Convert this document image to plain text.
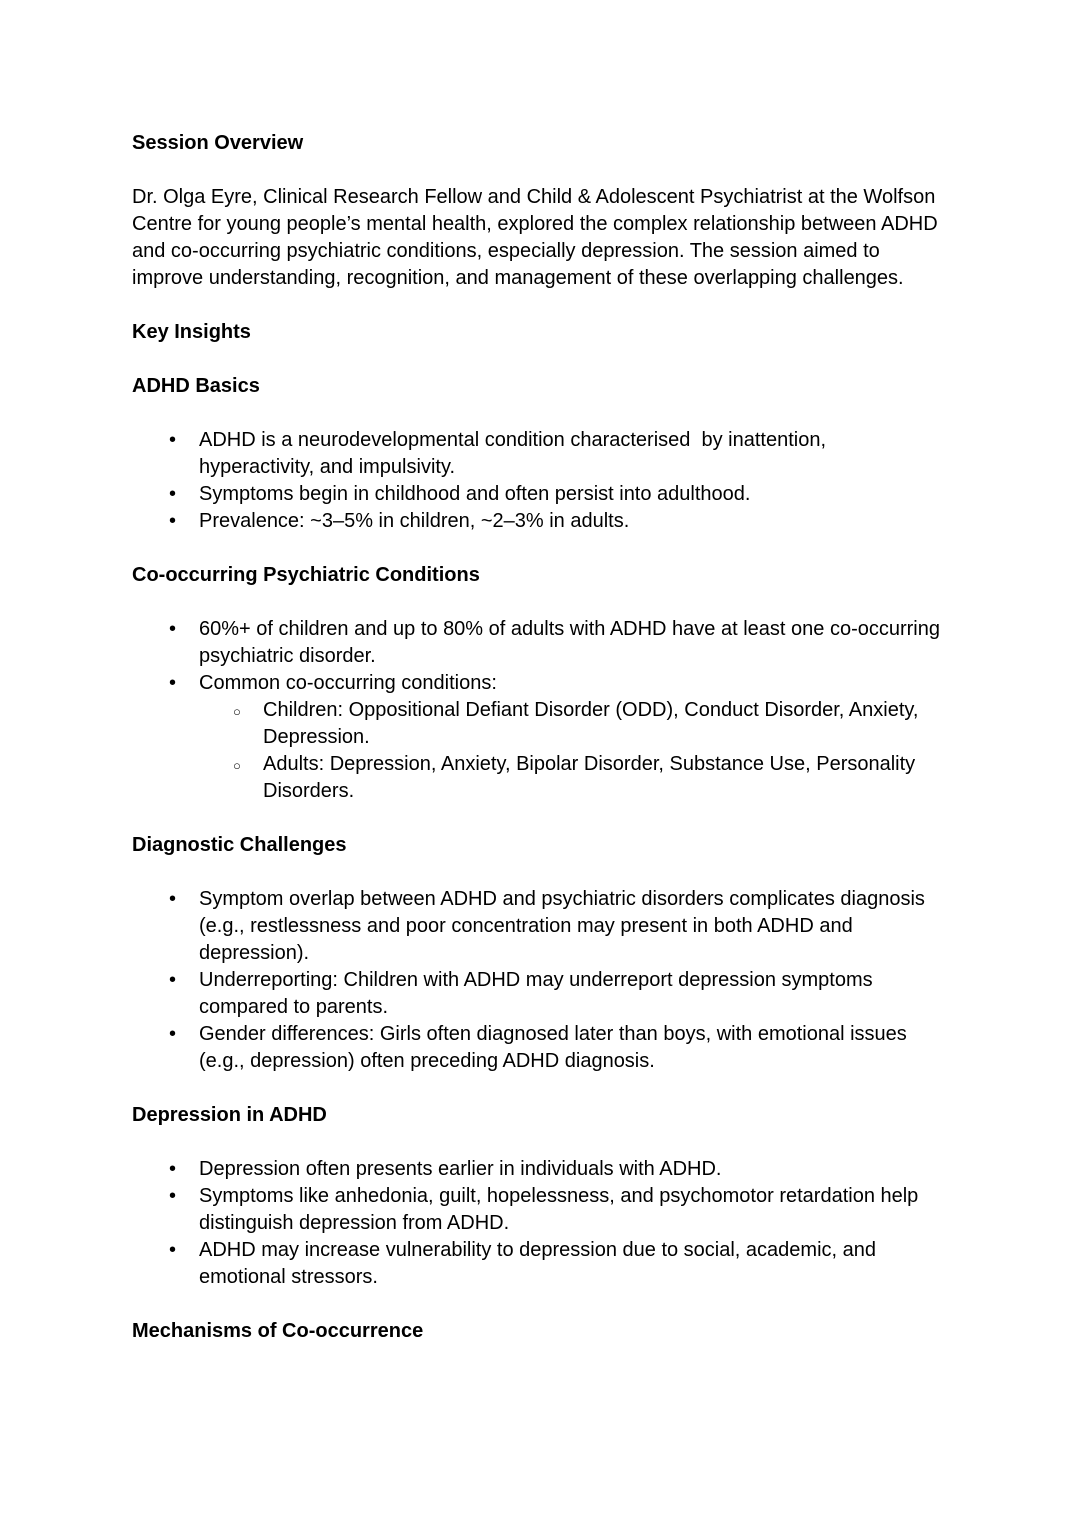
Session Overview

Dr. Olga Eyre, Clinical Research Fellow and Child & Adolescent Psychiatrist at the Wolfson Centre for young people’s mental health, explored the complex relationship between ADHD and co-occurring psychiatric conditions, especially depression. The session aimed to improve understanding, recognition, and management of these overlapping challenges.

Key Insights
ADHD Basics
•	ADHD is a neurodevelopmental condition characterised  by inattention, hyperactivity, and impulsivity.
•	Symptoms begin in childhood and often persist into adulthood.
•	Prevalence: ~3–5% in children, ~2–3% in adults.
Co-occurring Psychiatric Conditions
•	60%+ of children and up to 80% of adults with ADHD have at least one co-occurring psychiatric disorder.
•	Common co-occurring conditions:
○	Children: Oppositional Defiant Disorder (ODD), Conduct Disorder, Anxiety, Depression.
○	Adults: Depression, Anxiety, Bipolar Disorder, Substance Use, Personality Disorders.
Diagnostic Challenges
•	Symptom overlap between ADHD and psychiatric disorders complicates diagnosis (e.g., restlessness and poor concentration may present in both ADHD and depression).
•	Underreporting: Children with ADHD may underreport depression symptoms compared to parents.
•	Gender differences: Girls often diagnosed later than boys, with emotional issues (e.g., depression) often preceding ADHD diagnosis.
Depression in ADHD
•	Depression often presents earlier in individuals with ADHD.
•	Symptoms like anhedonia, guilt, hopelessness, and psychomotor retardation help distinguish depression from ADHD.
•	ADHD may increase vulnerability to depression due to social, academic, and emotional stressors.
Mechanisms of Co-occurrence
